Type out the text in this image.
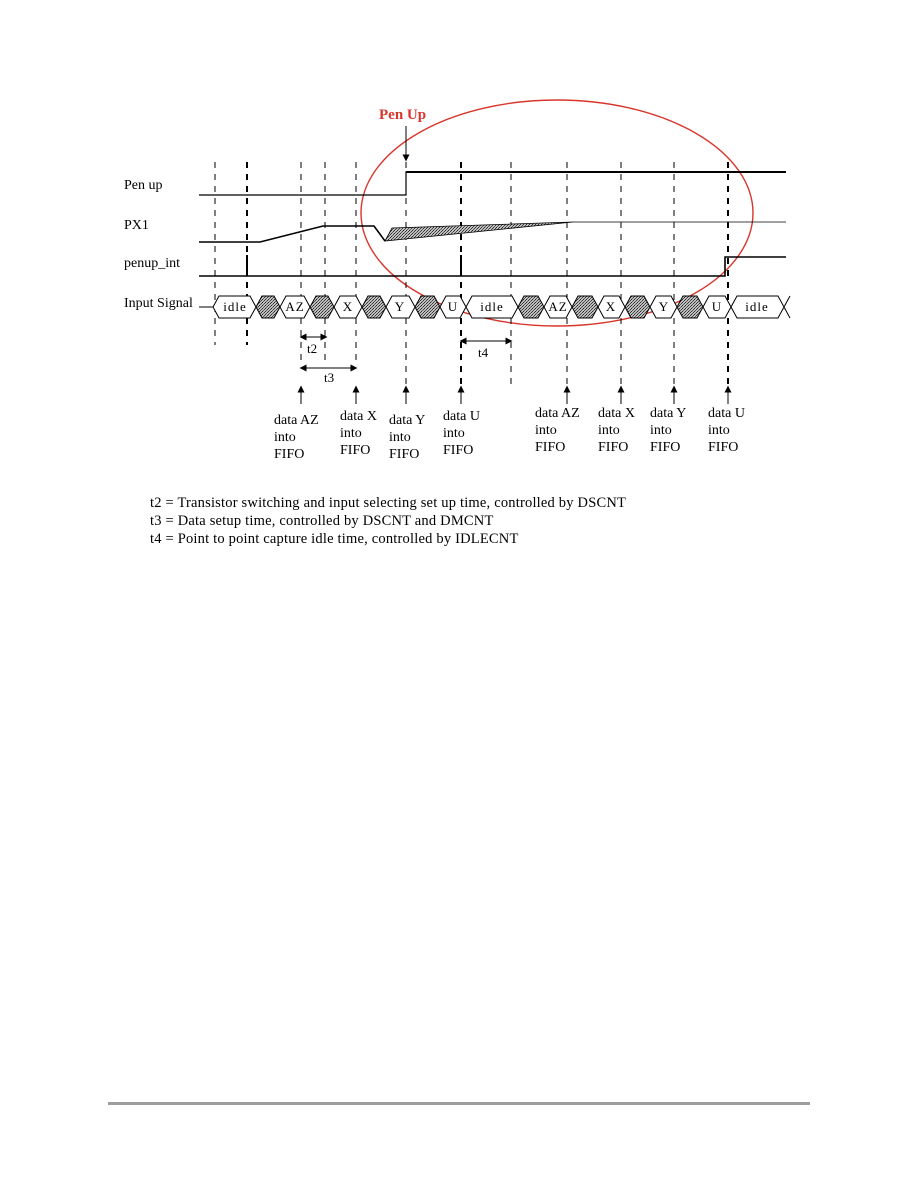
Pen Up
Pen up
PX1
penup_int
Input Signal idle	AZ	X	Y	U idle	AZ	X	Y	U idle
t2
t3
t4
data AZ into FIFO
data X into FIFO
data Y into FIFO
data U into FIFO
data AZ into FIFO
data X into FIFO
data Y into FIFO
data U into FIFO
t2 = Transistor switching and input selecting set up time, controlled by DSCNT
t3 = Data setup time, controlled by DSCNT and DMCNT
t4 = Point to point capture idle time, controlled by IDLECNT
